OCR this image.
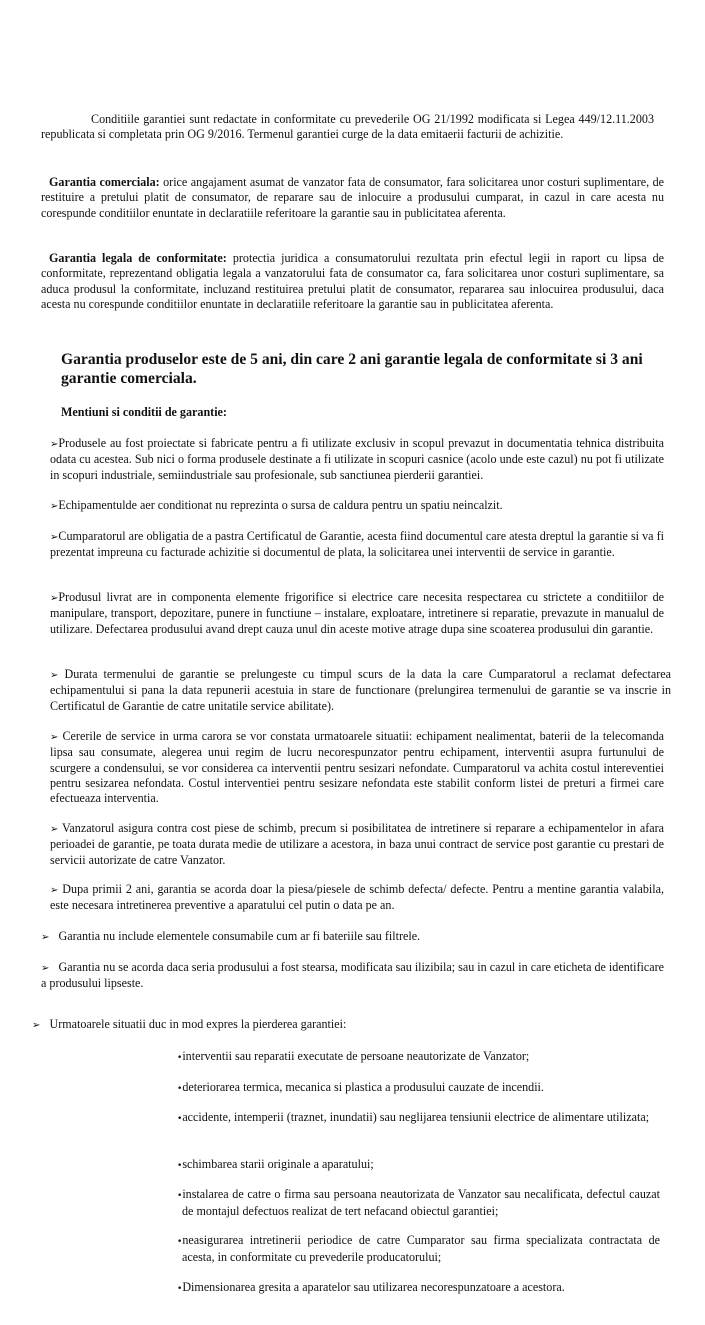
Conditiile garantiei sunt redactate in conformitate cu prevederile OG 21/1992 modificata si Legea 449/12.11.2003 republicata si completata prin OG 9/2016. Termenul garantiei curge de la data emitaerii facturii de achizitie.

Garantia comerciala: orice angajament asumat de vanzator fata de consumator, fara solicitarea unor costuri suplimentare, de restituire a pretului platit de consumator, de reparare sau de inlocuire a produsului cumparat, in cazul in care acesta nu corespunde conditiilor enuntate in declaratiile referitoare la garantie sau in publicitatea aferenta.

Garantia legala de conformitate: protectia juridica a consumatorului rezultata prin efectul legii in raport cu lipsa de conformitate, reprezentand obligatia legala a vanzatorului fata de consumator ca, fara solicitarea unor costuri suplimentare, sa aduca produsul la conformitate, incluzand restituirea pretului platit de consumator, repararea sau inlocuirea produsului, daca acesta nu corespunde conditiilor enuntate in declaratiile referitoare la garantie sau in publicitatea aferenta.

Garantia produselor este de 5 ani, din care 2 ani garantie legala de conformitate si 3 ani garantie comerciala.

Mentiuni si conditii de garantie:

➢Produsele au fost proiectate si fabricate pentru a fi utilizate exclusiv in scopul prevazut in documentatia tehnica distribuita odata cu acestea. Sub nici o forma produsele destinate a fi utilizate in scopuri casnice (acolo unde este cazul) nu pot fi utilizate in scopuri industriale, semiindustriale sau profesionale, sub sanctiunea pierderii garantiei.

➢Echipamentulde aer conditionat nu reprezinta o sursa de caldura pentru un spatiu neincalzit.

➢Cumparatorul are obligatia de a pastra Certificatul de Garantie, acesta fiind documentul care atesta dreptul la garantie si va fi prezentat impreuna cu facturade achizitie si documentul de plata, la solicitarea unei interventii de service in garantie.

➢Produsul livrat are in componenta elemente frigorifice si electrice care necesita respectarea cu strictete a conditiilor de manipulare, transport, depozitare, punere in functiune – instalare, exploatare, intretinere si reparatie, prevazute in manualul de utilizare. Defectarea produsului avand drept cauza unul din aceste motive atrage dupa sine scoaterea produsului din garantie.

➢ Durata termenului de garantie se prelungeste cu timpul scurs de la data la care Cumparatorul a reclamat defectarea echipamentului si pana la data repunerii acestuia in stare de functionare (prelungirea termenului de garantie se va inscrie in Certificatul de Garantie de catre unitatile service abilitate).

➢ Cererile de service in urma carora se vor constata urmatoarele situatii: echipament nealimentat, baterii de la telecomanda lipsa sau consumate, alegerea unui regim de lucru necorespunzator pentru echipament, interventii asupra furtunului de scurgere a condensului, se vor considerea ca interventii pentru sesizari nefondate. Cumparatorul va achita costul intereventiei pentru sesizarea nefondata. Costul interventiei pentru sesizare nefondata este stabilit conform listei de preturi a firmei care efectueaza interventia.

➢ Vanzatorul asigura contra cost piese de schimb, precum si posibilitatea de intretinere si reparare a echipamentelor in afara perioadei de garantie, pe toata durata medie de utilizare a acestora, in baza unui contract de service post garantie cu prestari de servicii autorizate de catre Vanzator.

➢ Dupa primii 2 ani, garantia se acorda doar la piesa/piesele de schimb defecta/ defecte. Pentru a mentine garantia valabila, este necesara intretinerea preventive a aparatului cel putin o data pe an.

➢ Garantia nu include elementele consumabile cum ar fi bateriile sau filtrele.

➢ Garantia nu se acorda daca seria produsului a fost stearsa, modificata sau ilizibila; sau in cazul in care eticheta de identificare a produsului lipseste.

➢ Urmatoarele situatii duc in mod expres la pierderea garantiei:

•interventii sau reparatii executate de persoane neautorizate de Vanzator;

•deteriorarea termica, mecanica si plastica a produsului cauzate de incendii.

•accidente, intemperii (traznet, inundatii) sau neglijarea tensiunii electrice de alimentare utilizata;

•schimbarea starii originale a aparatului;

•instalarea de catre o firma sau persoana neautorizata de Vanzator sau necalificata, defectul cauzat de montajul defectuos realizat de tert nefacand obiectul garantiei;

•neasigurarea intretinerii periodice de catre Cumparator sau firma specializata contractata de acesta, in conformitate cu prevederile producatorului;

•Dimensionarea gresita a aparatelor sau utilizarea necorespunzatoare a acestora.
